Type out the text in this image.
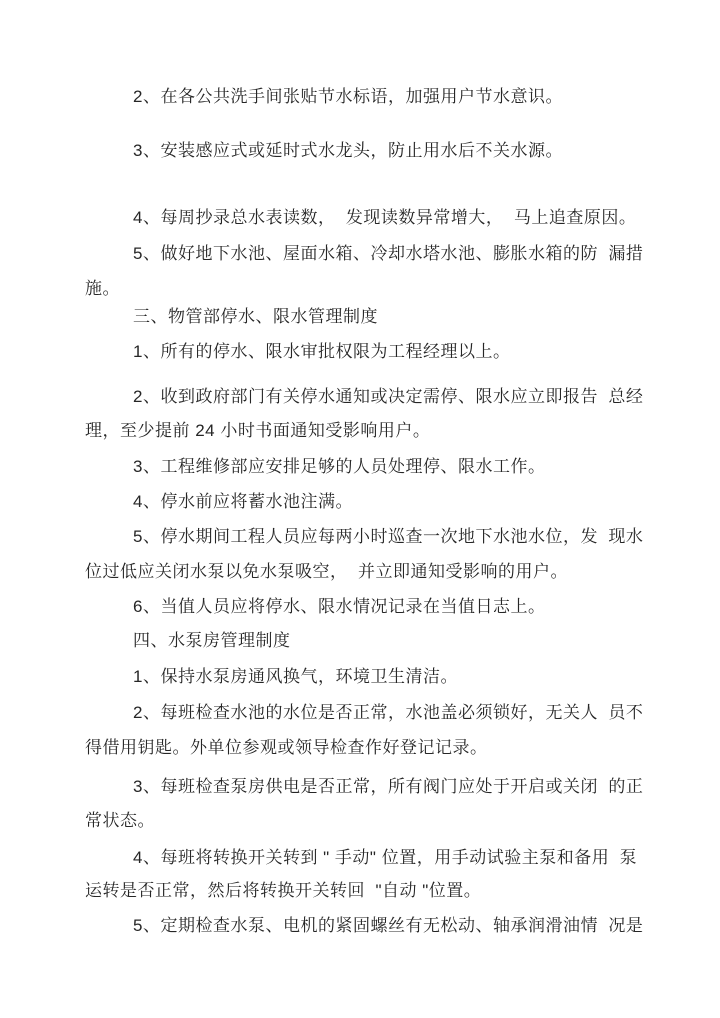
2、在各公共洗手间张贴节水标语，加强用户节水意识。
3、安装感应式或延时式水龙头，防止用水后不关水源。
4、每周抄录总水表读数，  发现读数异常增大，  马上追查原因。
5、做好地下水池、屋面水箱、冷却水塔水池、膨胀水箱的防  漏措
施。
三、物管部停水、限水管理制度
1、所有的停水、限水审批权限为工程经理以上。
2、收到政府部门有关停水通知或决定需停、限水应立即报告  总经
理，至少提前 24 小时书面通知受影响用户。
3、工程维修部应安排足够的人员处理停、限水工作。
4、停水前应将蓄水池注满。
5、停水期间工程人员应每两小时巡查一次地下水池水位，发  现水
位过低应关闭水泵以免水泵吸空，  并立即通知受影响的用户。
6、当值人员应将停水、限水情况记录在当值日志上。
四、水泵房管理制度
1、保持水泵房通风换气，环境卫生清洁。
2、每班检查水池的水位是否正常，水池盖必须锁好，无关人  员不
得借用钥匙。外单位参观或领导检查作好登记记录。
3、每班检查泵房供电是否正常，所有阀门应处于开启或关闭  的正
常状态。
4、每班将转换开关转到 " 手动" 位置，用手动试验主泵和备用  泵
运转是否正常，然后将转换开关转回  "自动 "位置。
5、定期检查水泵、电机的紧固螺丝有无松动、轴承润滑油情  况是
